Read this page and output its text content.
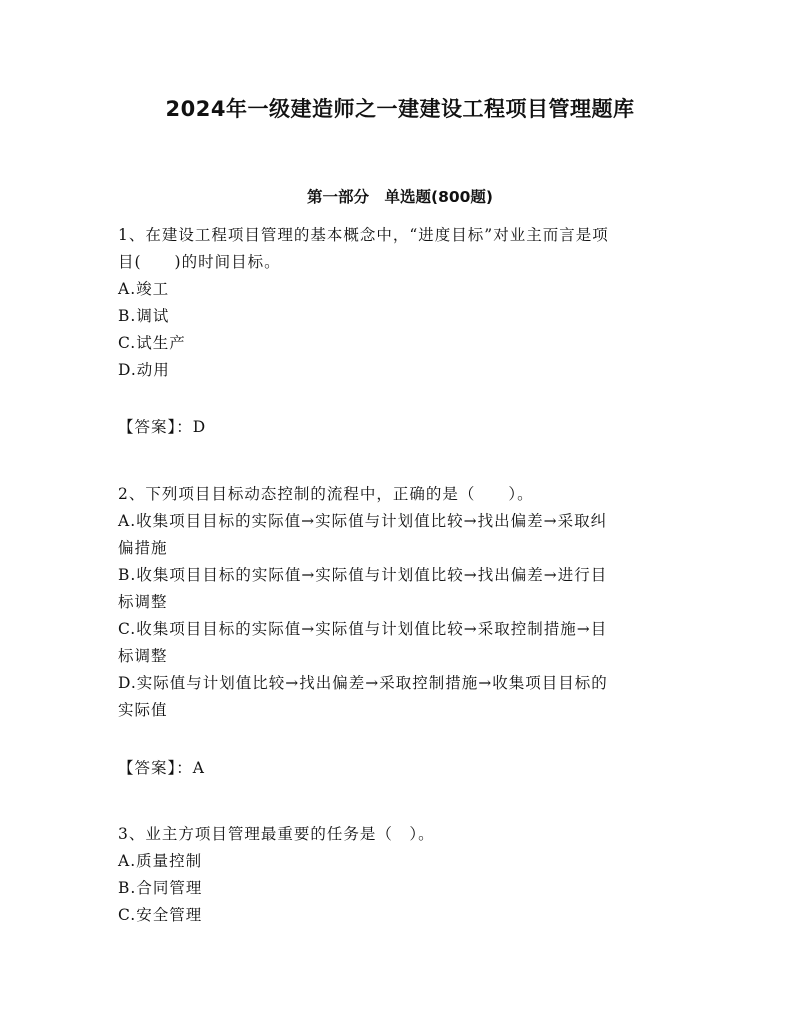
2024年一级建造师之一建建设工程项目管理题库
第一部分　单选题(800题)
1、在建设工程项目管理的基本概念中，“进度目标”对业主而言是项
目(　　)的时间目标。
A.竣工
B.调试
C.试生产
D.动用
【答案】：D
2、下列项目目标动态控制的流程中，正确的是（　　）。
A.收集项目目标的实际值→实际值与计划值比较→找出偏差→采取纠
偏措施
B.收集项目目标的实际值→实际值与计划值比较→找出偏差→进行目
标调整
C.收集项目目标的实际值→实际值与计划值比较→采取控制措施→目
标调整
D.实际值与计划值比较→找出偏差→采取控制措施→收集项目目标的
实际值
【答案】：A
3、业主方项目管理最重要的任务是（　）。
A.质量控制
B.合同管理
C.安全管理
